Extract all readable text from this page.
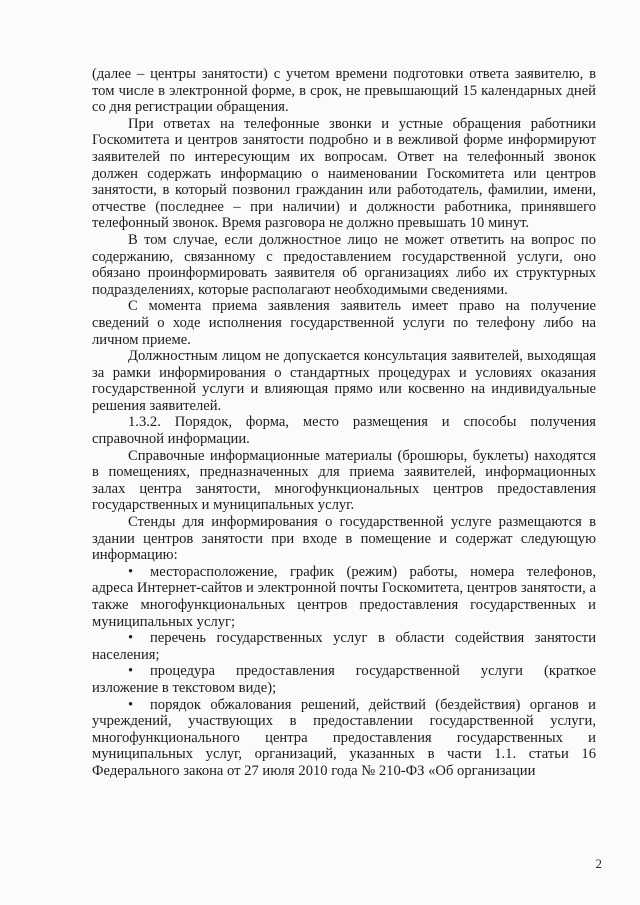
(далее – центры занятости) с учетом времени подготовки ответа заявителю, в том числе в электронной форме, в срок, не превышающий 15 календарных дней со дня регистрации обращения.

При ответах на телефонные звонки и устные обращения работники Госкомитета и центров занятости подробно и в вежливой форме информируют заявителей по интересующим их вопросам. Ответ на телефонный звонок должен содержать информацию о наименовании Госкомитета или центров занятости, в который позвонил гражданин или работодатель, фамилии, имени, отчестве (последнее – при наличии) и должности работника, принявшего телефонный звонок. Время разговора не должно превышать 10 минут.

В том случае, если должностное лицо не может ответить на вопрос по содержанию, связанному с предоставлением государственной услуги, оно обязано проинформировать заявителя об организациях либо их структурных подразделениях, которые располагают необходимыми сведениями.

С момента приема заявления заявитель имеет право на получение сведений о ходе исполнения государственной услуги по телефону либо на личном приеме.

Должностным лицом не допускается консультация заявителей, выходящая за рамки информирования о стандартных процедурах и условиях оказания государственной услуги и влияющая прямо или косвенно на индивидуальные решения заявителей.

1.3.2. Порядок, форма, место размещения и способы получения справочной информации.

Справочные информационные материалы (брошюры, буклеты) находятся в помещениях, предназначенных для приема заявителей, информационных залах центра занятости, многофункциональных центров предоставления государственных и муниципальных услуг.

Стенды для информирования о государственной услуге размещаются в здании центров занятости при входе в помещение и содержат следующую информацию:

• месторасположение, график (режим) работы, номера телефонов, адреса Интернет-сайтов и электронной почты Госкомитета, центров занятости, а также многофункциональных центров предоставления государственных и муниципальных услуг;

• перечень государственных услуг в области содействия занятости населения;

• процедура предоставления государственной услуги (краткое изложение в текстовом виде);

• порядок обжалования решений, действий (бездействия) органов и учреждений, участвующих в предоставлении государственной услуги, многофункционального центра предоставления государственных и муниципальных услуг, организаций, указанных в части 1.1. статьи 16 Федерального закона от 27 июля 2010 года № 210-ФЗ «Об организации

2
